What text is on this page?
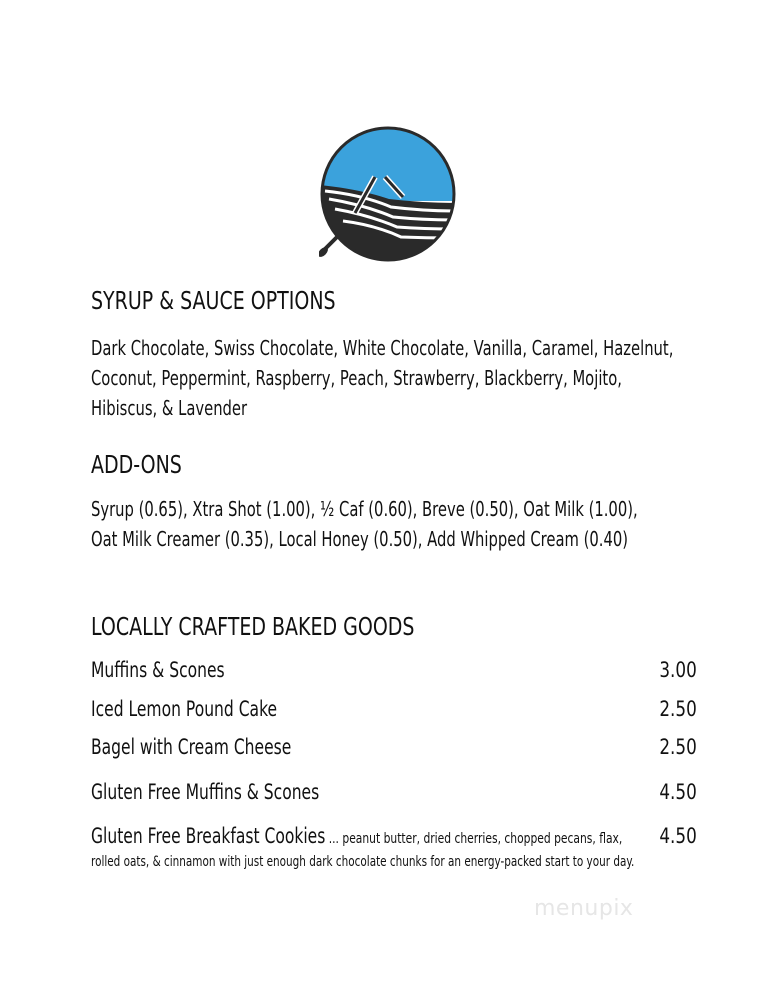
SYRUP & SAUCE OPTIONS

Dark Chocolate, Swiss Chocolate, White Chocolate, Vanilla, Caramel, Hazelnut,

Coconut, Peppermint, Raspberry, Peach, Strawberry, Blackberry, Mojito,

Hibiscus, & Lavender

ADD-ONS

Syrup (0.65), Xtra Shot (1.00), ½ Caf (0.60), Breve (0.50), Oat Milk (1.00),

Oat Milk Creamer (0.35), Local Honey (0.50), Add Whipped Cream (0.40)

LOCALLY CRAFTED BAKED GOODS

Muffins & Scones	3.00

Iced Lemon Pound Cake	2.50

Bagel with Cream Cheese	2.50

Gluten Free Muffins & Scones	4.50

Gluten Free Breakfast Cookies ... peanut butter, dried cherries, chopped pecans, flax, 4.50

rolled oats, & cinnamon with just enough dark chocolate chunks for an energy-packed start to your day.

menupix
